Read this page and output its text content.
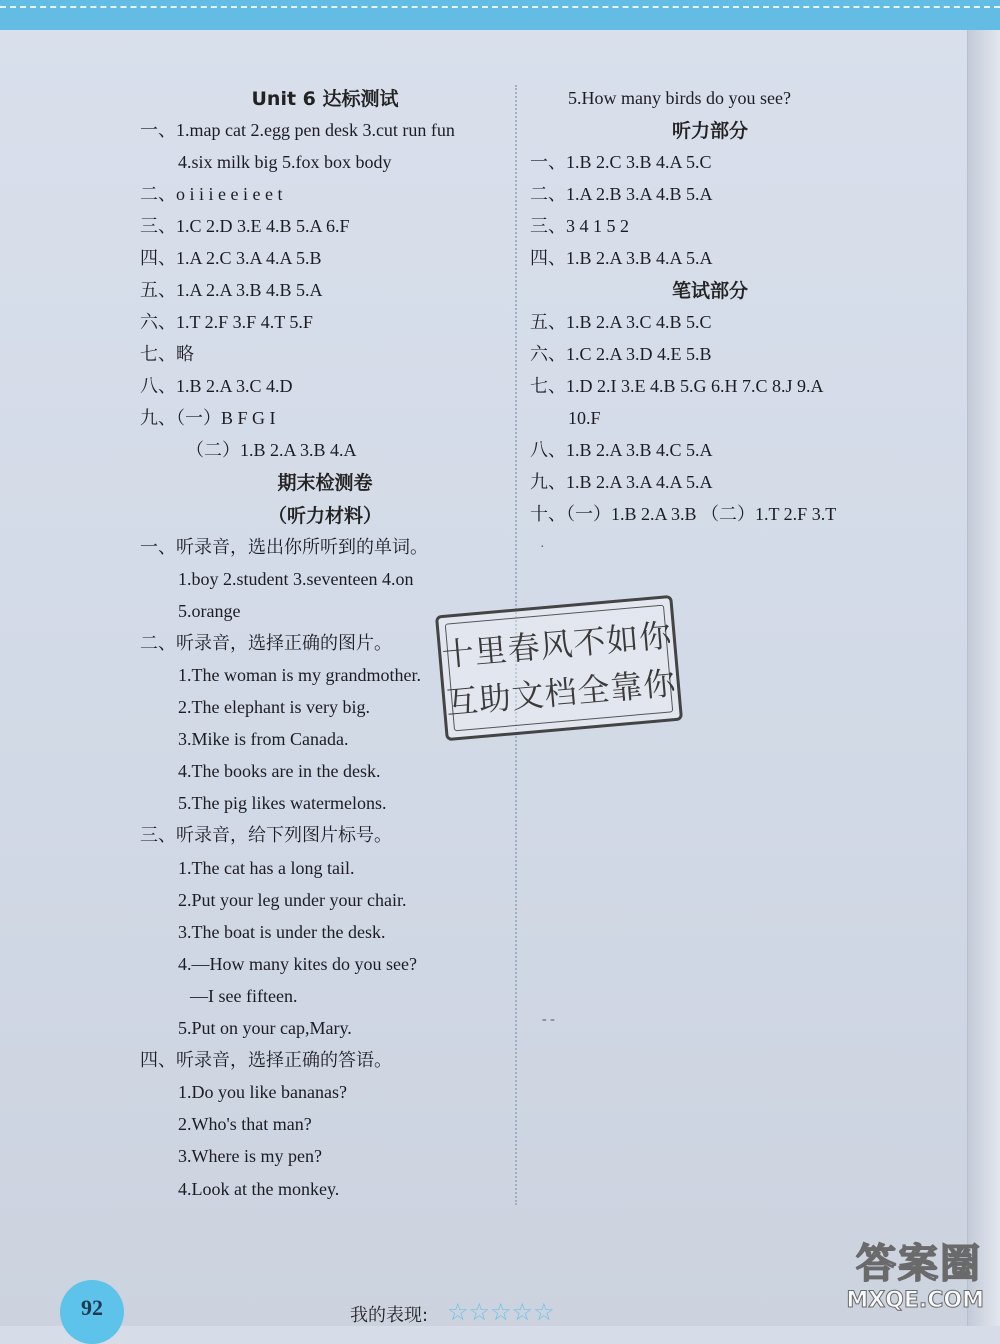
Unit 6 达标测试
一、1.map cat 2.egg pen desk 3.cut run fun
4.six milk big 5.fox box body
二、o i i i e e i e e t
三、1.C 2.D 3.E 4.B 5.A 6.F
四、1.A 2.C 3.A 4.A 5.B
五、1.A 2.A 3.B 4.B 5.A
六、1.T 2.F 3.F 4.T 5.F
七、略
八、1.B 2.A 3.C 4.D
九、（一）B F G I
（二）1.B 2.A 3.B 4.A
期末检测卷
（听力材料）
一、听录音，选出你所听到的单词。
1.boy 2.student 3.seventeen 4.on
5.orange
二、听录音，选择正确的图片。
1.The woman is my grandmother.
2.The elephant is very big.
3.Mike is from Canada.
4.The books are in the desk.
5.The pig likes watermelons.
三、听录音，给下列图片标号。
1.The cat has a long tail.
2.Put your leg under your chair.
3.The boat is under the desk.
4.—How many kites do you see?
—I see fifteen.
5.Put on your cap,Mary.
四、听录音，选择正确的答语。
1.Do you like bananas?
2.Who's that man?
3.Where is my pen?
4.Look at the monkey.
5.How many birds do you see?
听力部分
一、1.B 2.C 3.B 4.A 5.C
二、1.A 2.B 3.A 4.B 5.A
三、3 4 1 5 2
四、1.B 2.A 3.B 4.A 5.A
笔试部分
五、1.B 2.A 3.C 4.B 5.C
六、1.C 2.A 3.D 4.E 5.B
七、1.D 2.I 3.E 4.B 5.G 6.H 7.C 8.J 9.A
10.F
八、1.B 2.A 3.B 4.C 5.A
九、1.B 2.A 3.A 4.A 5.A
十、（一）1.B 2.A 3.B （二）1.T 2.F 3.T
·
- -
十里春风不如你
互助文档全靠你
92	我的表现: ☆☆☆☆☆
答案圈
MXQE.COM
